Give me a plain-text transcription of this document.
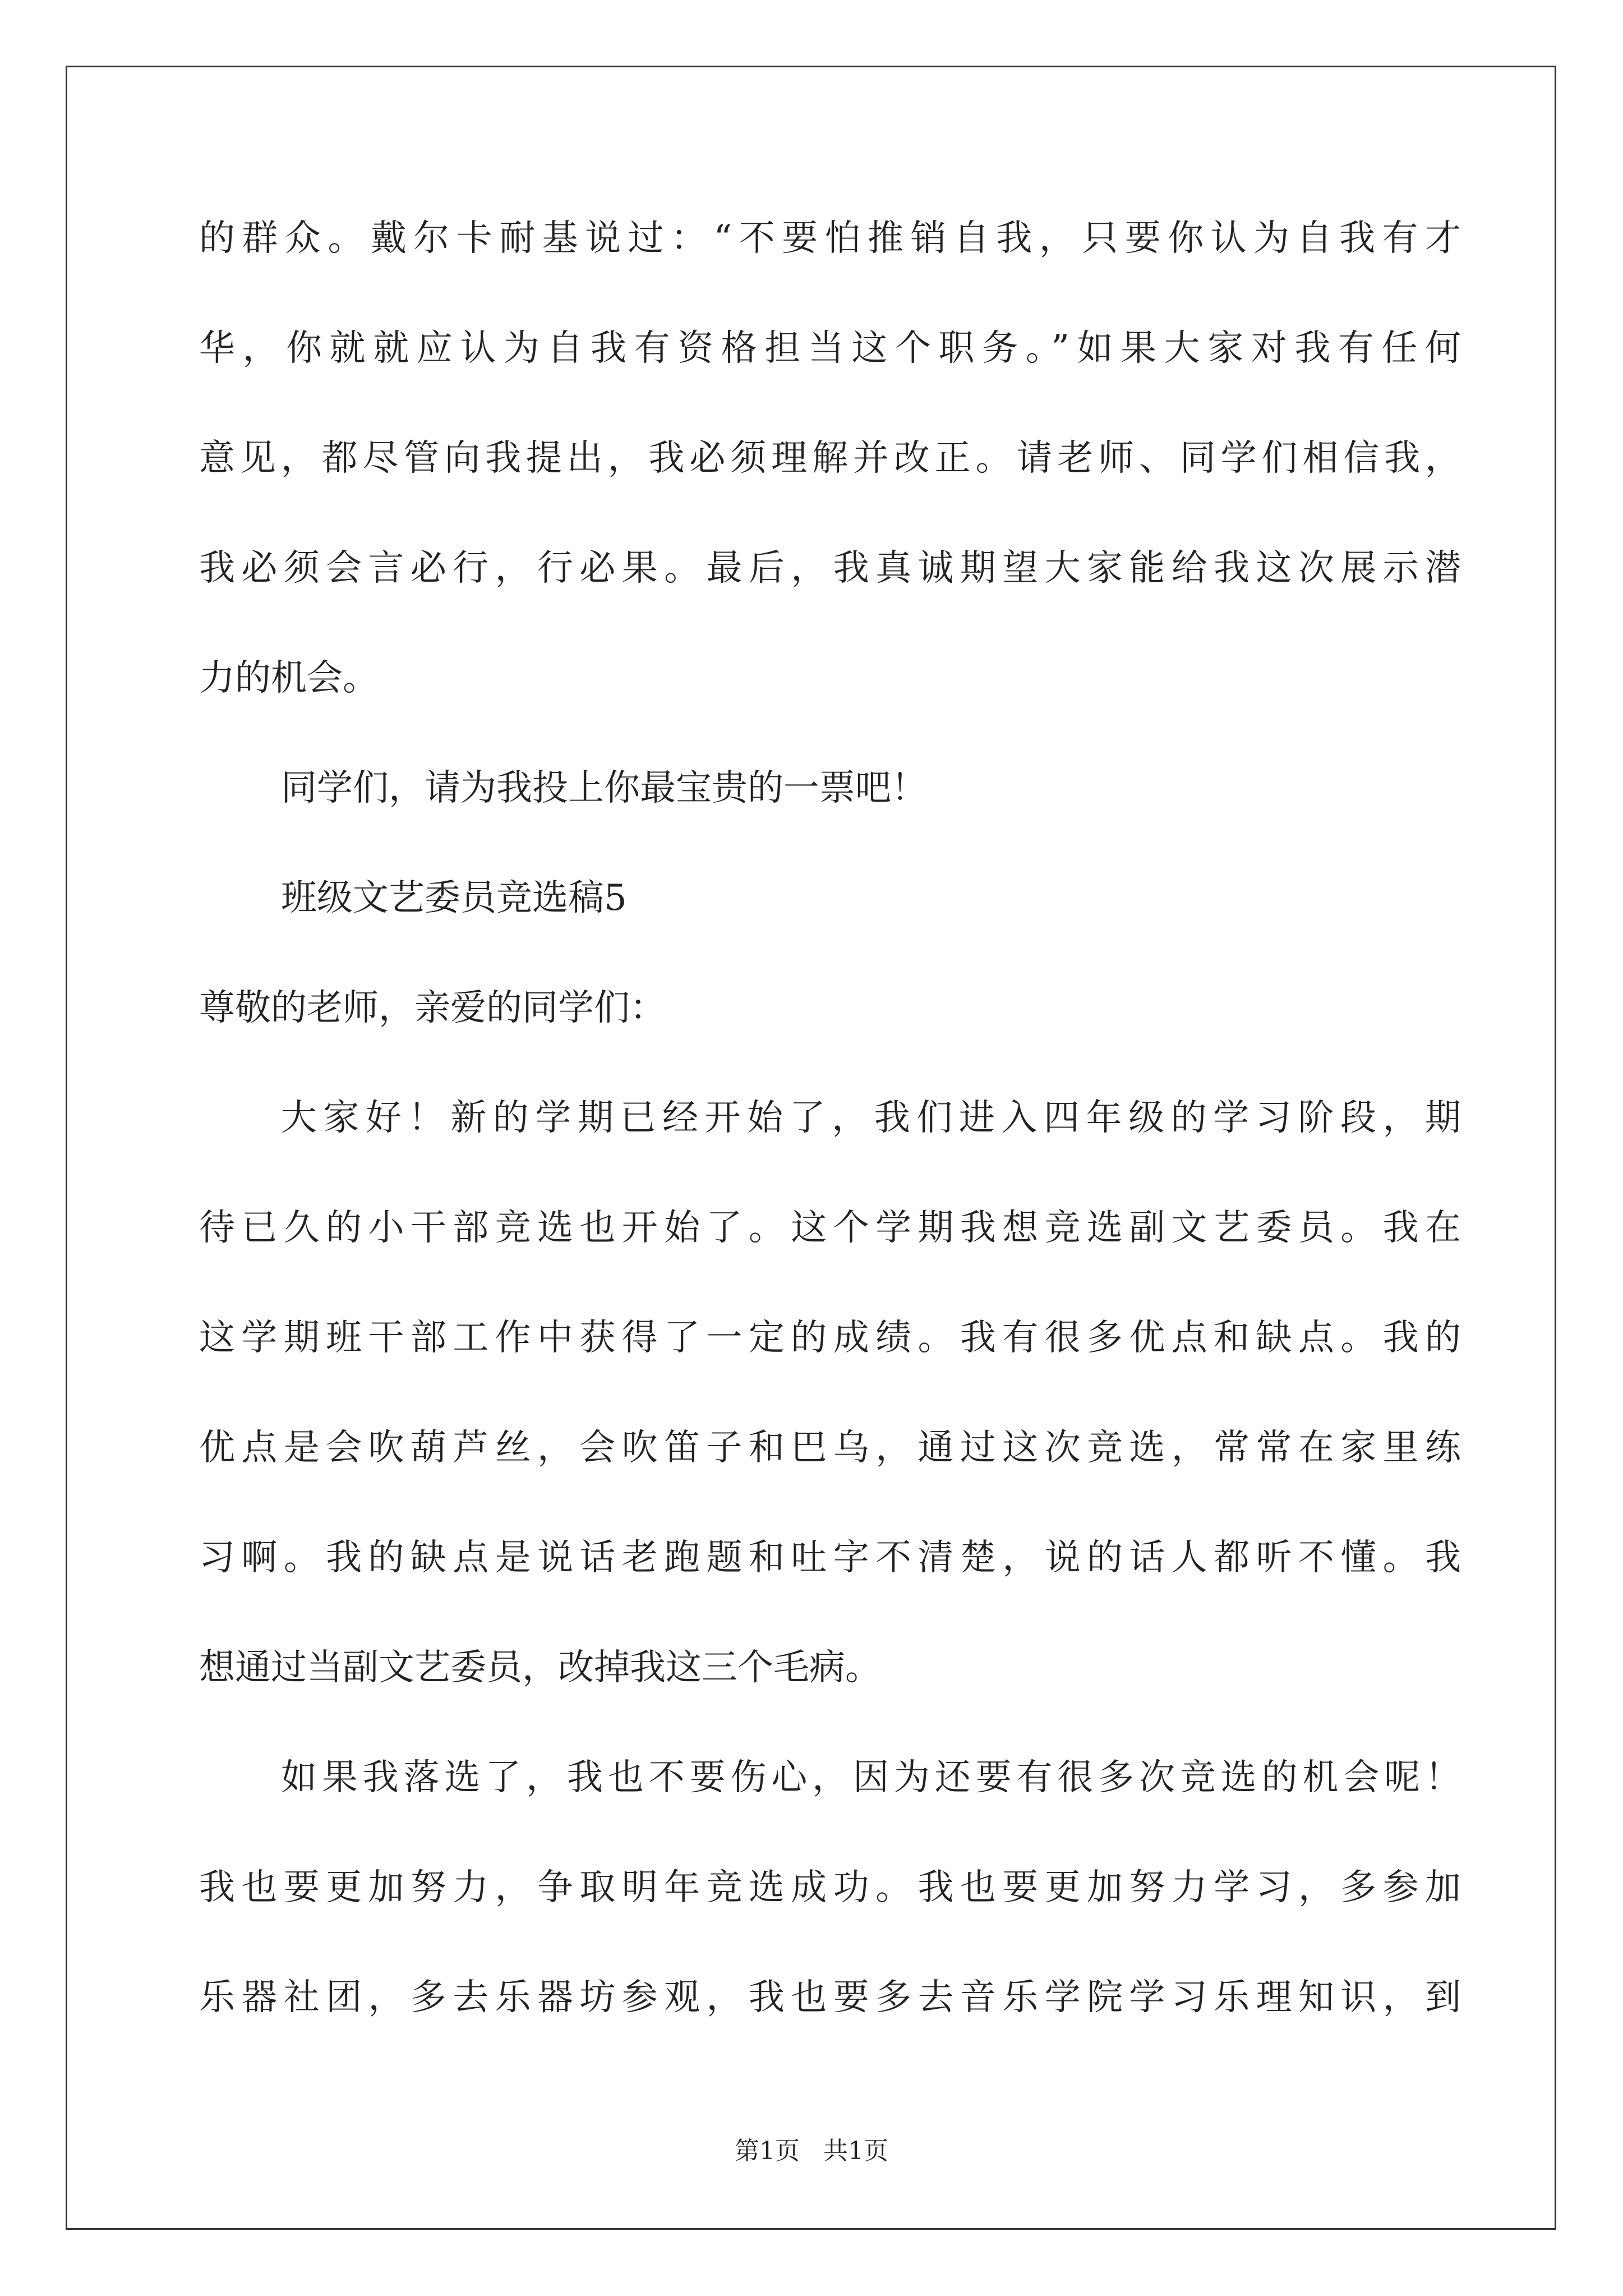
的群众。戴尔卡耐基说过：“不要怕推销自我，只要你认为自我有才
华，你就就应认为自我有资格担当这个职务。”如果大家对我有任何
意见，都尽管向我提出，我必须理解并改正。请老师、同学们相信我，
我必须会言必行，行必果。最后，我真诚期望大家能给我这次展示潜
力的机会。
同学们，请为我投上你最宝贵的一票吧！
班级文艺委员竞选稿5
尊敬的老师，亲爱的同学们：
大家好！新的学期已经开始了，我们进入四年级的学习阶段，期
待已久的小干部竞选也开始了。这个学期我想竞选副文艺委员。我在
这学期班干部工作中获得了一定的成绩。我有很多优点和缺点。我的
优点是会吹葫芦丝，会吹笛子和巴乌，通过这次竞选，常常在家里练
习啊。我的缺点是说话老跑题和吐字不清楚，说的话人都听不懂。我
想通过当副文艺委员，改掉我这三个毛病。
如果我落选了，我也不要伤心，因为还要有很多次竞选的机会呢！
我也要更加努力，争取明年竞选成功。我也要更加努力学习，多参加
乐器社团，多去乐器坊参观，我也要多去音乐学院学习乐理知识，到
第1页   共1页
